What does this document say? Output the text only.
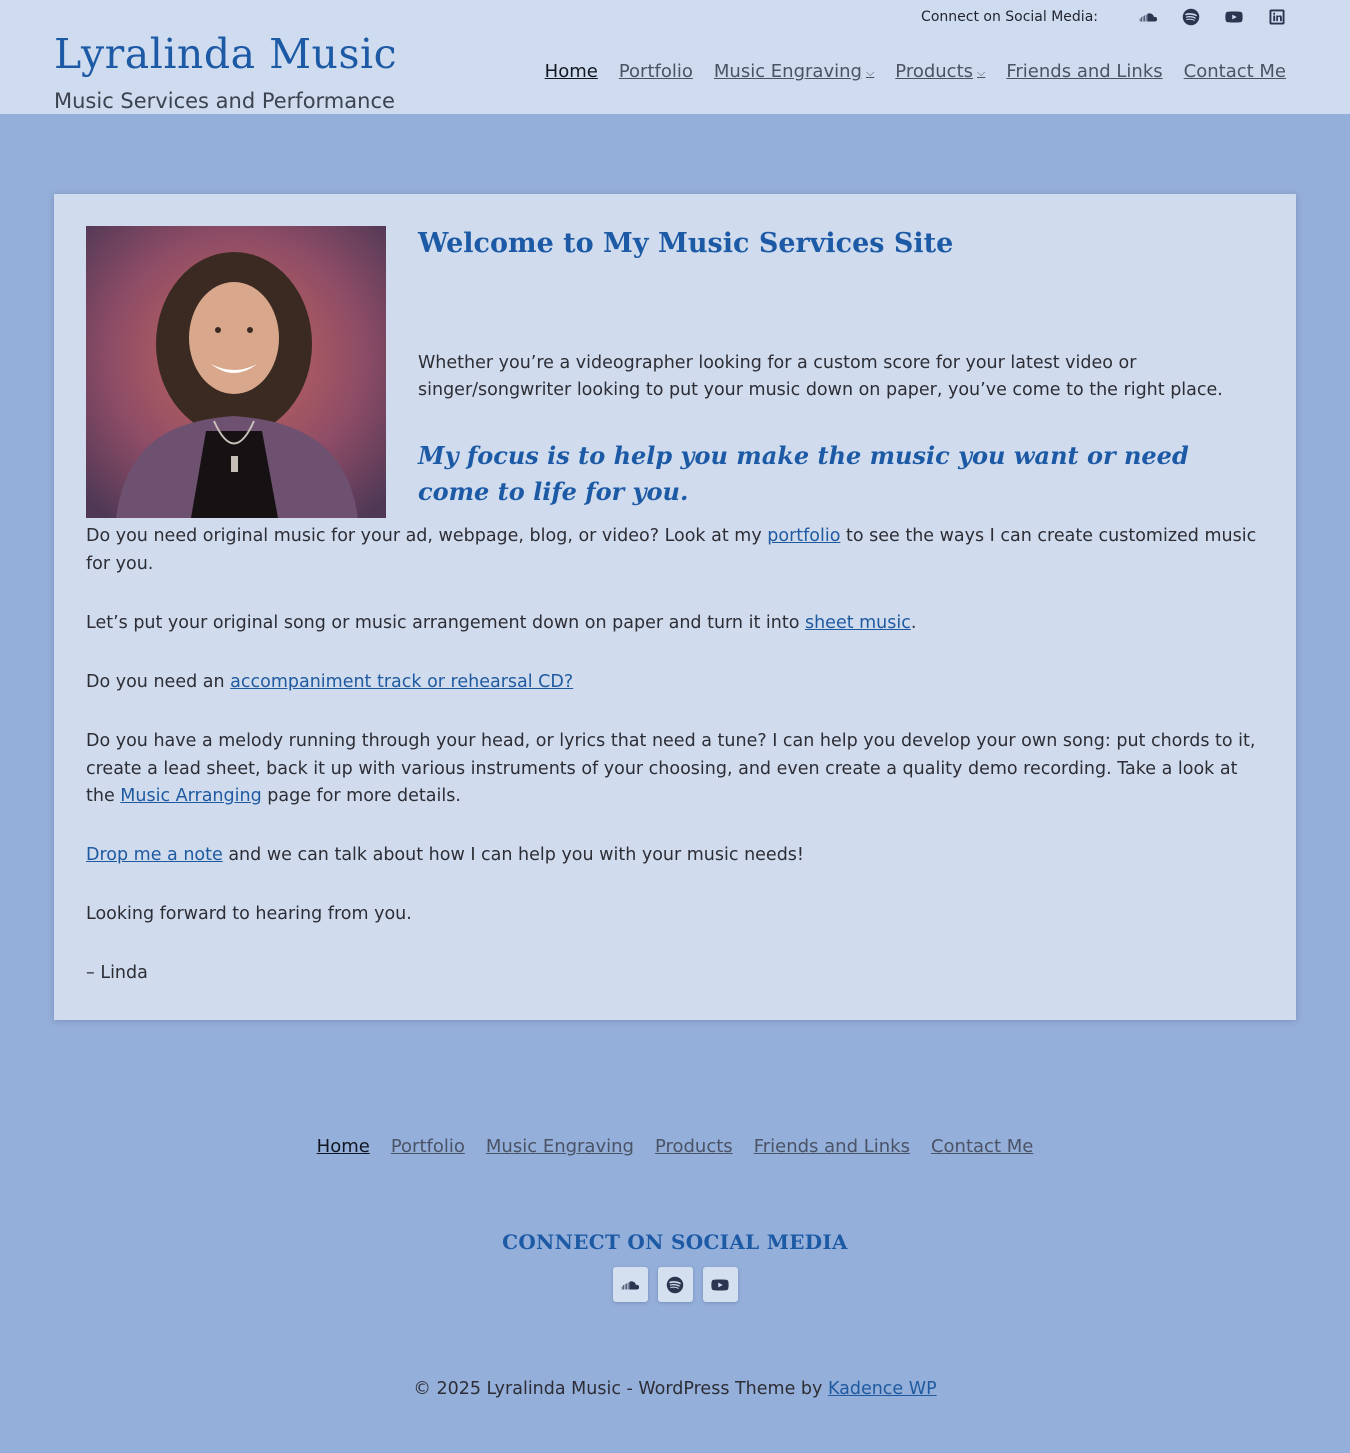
Connect on Social Media:
Lyralinda Music
Music Services and Performance
Home Portfolio Music Engraving ⌵ Products ⌵ Friends and Links Contact Me
Welcome to My Music Services Site

Whether you’re a videographer looking for a custom score for your latest video or singer/songwriter looking to put your music down on paper, you’ve come to the right place.

My focus is to help you make the music you want or need come to life for you.

Do you need original music for your ad, webpage, blog, or video? Look at my portfolio to see the ways I can create customized music for you.

Let’s put your original song or music arrangement down on paper and turn it into sheet music.

Do you need an accompaniment track or rehearsal CD?

Do you have a melody running through your head, or lyrics that need a tune? I can help you develop your own song: put chords to it, create a lead sheet, back it up with various instruments of your choosing, and even create a quality demo recording. Take a look at the Music Arranging page for more details.

Drop me a note and we can talk about how I can help you with your music needs!

Looking forward to hearing from you.

– Linda

Home Portfolio Music Engraving Products Friends and Links Contact Me
CONNECT ON SOCIAL MEDIA

© 2025 Lyralinda Music - WordPress Theme by Kadence WP
